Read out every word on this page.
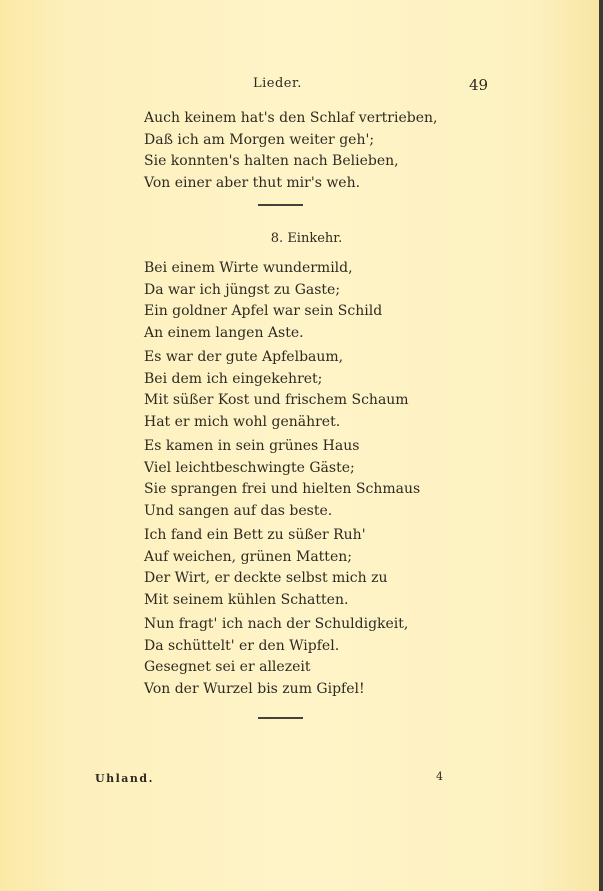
Lieder.	49
Auch keinem hat's den Schlaf vertrieben,
Daß ich am Morgen weiter geh';
Sie konnten's halten nach Belieben,
Von einer aber thut mir's weh.
8. Einkehr.
Bei einem Wirte wundermild,
Da war ich jüngst zu Gaste;
Ein goldner Apfel war sein Schild
An einem langen Aste.
Es war der gute Apfelbaum,
Bei dem ich eingekehret;
Mit süßer Kost und frischem Schaum
Hat er mich wohl genähret.
Es kamen in sein grünes Haus
Viel leichtbeschwingte Gäste;
Sie sprangen frei und hielten Schmaus
Und sangen auf das beste.
Ich fand ein Bett zu süßer Ruh'
Auf weichen, grünen Matten;
Der Wirt, er deckte selbst mich zu
Mit seinem kühlen Schatten.
Nun fragt' ich nach der Schuldigkeit,
Da schüttelt' er den Wipfel.
Gesegnet sei er allezeit
Von der Wurzel bis zum Gipfel!
Uhland.	4
